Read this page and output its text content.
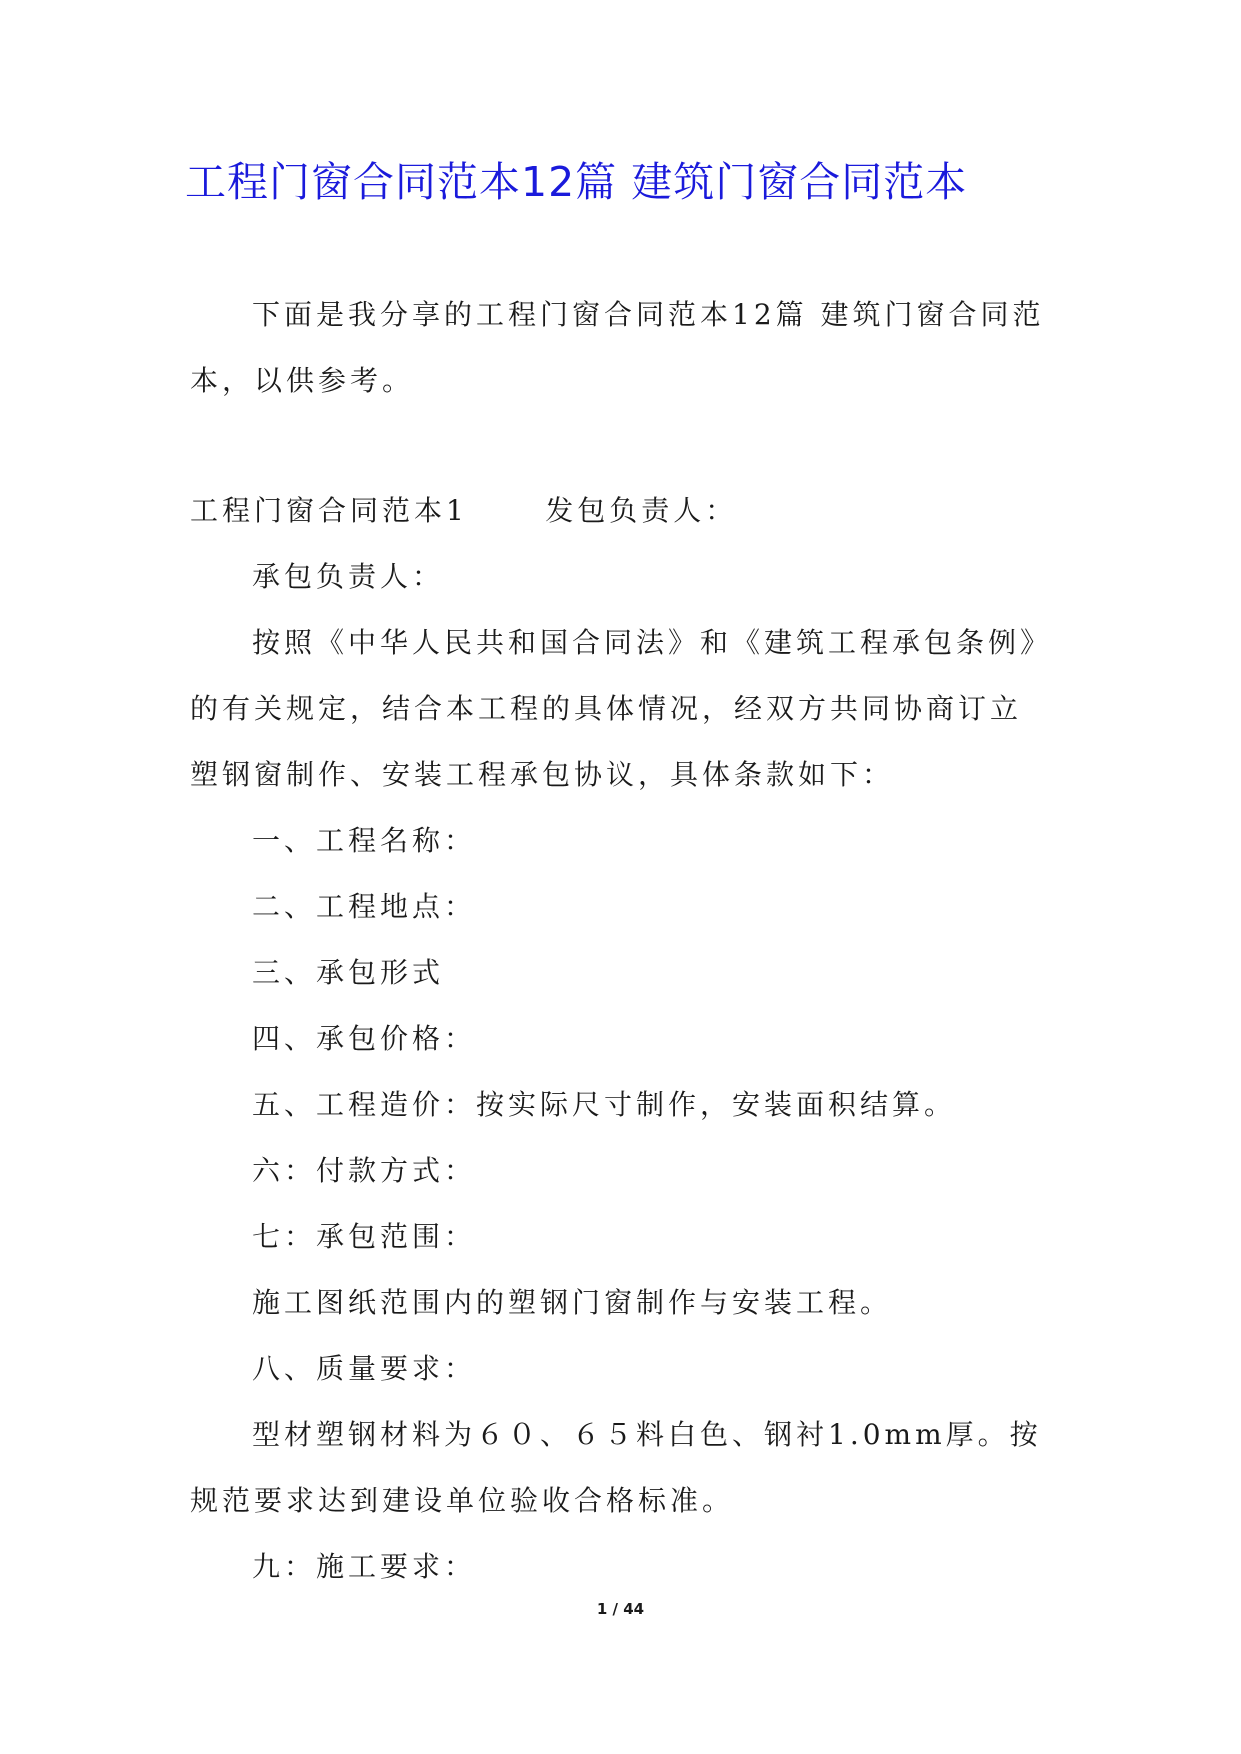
工程门窗合同范本12篇 建筑门窗合同范本

下面是我分享的工程门窗合同范本12篇 建筑门窗合同范本，以供参考。

工程门窗合同范本1	发包负责人：

承包负责人：

按照《中华人民共和国合同法》和《建筑工程承包条例》的有关规定，结合本工程的具体情况，经双方共同协商订立塑钢窗制作、安装工程承包协议，具体条款如下：

一、工程名称：

二、工程地点：

三、承包形式

四、承包价格：

五、工程造价：按实际尺寸制作，安装面积结算。

六：付款方式：

七：承包范围：

施工图纸范围内的塑钢门窗制作与安装工程。

八、质量要求：

型材塑钢材料为６０、６５料白色、钢衬1.0mm厚。按规范要求达到建设单位验收合格标准。

九：施工要求：

1 / 44
